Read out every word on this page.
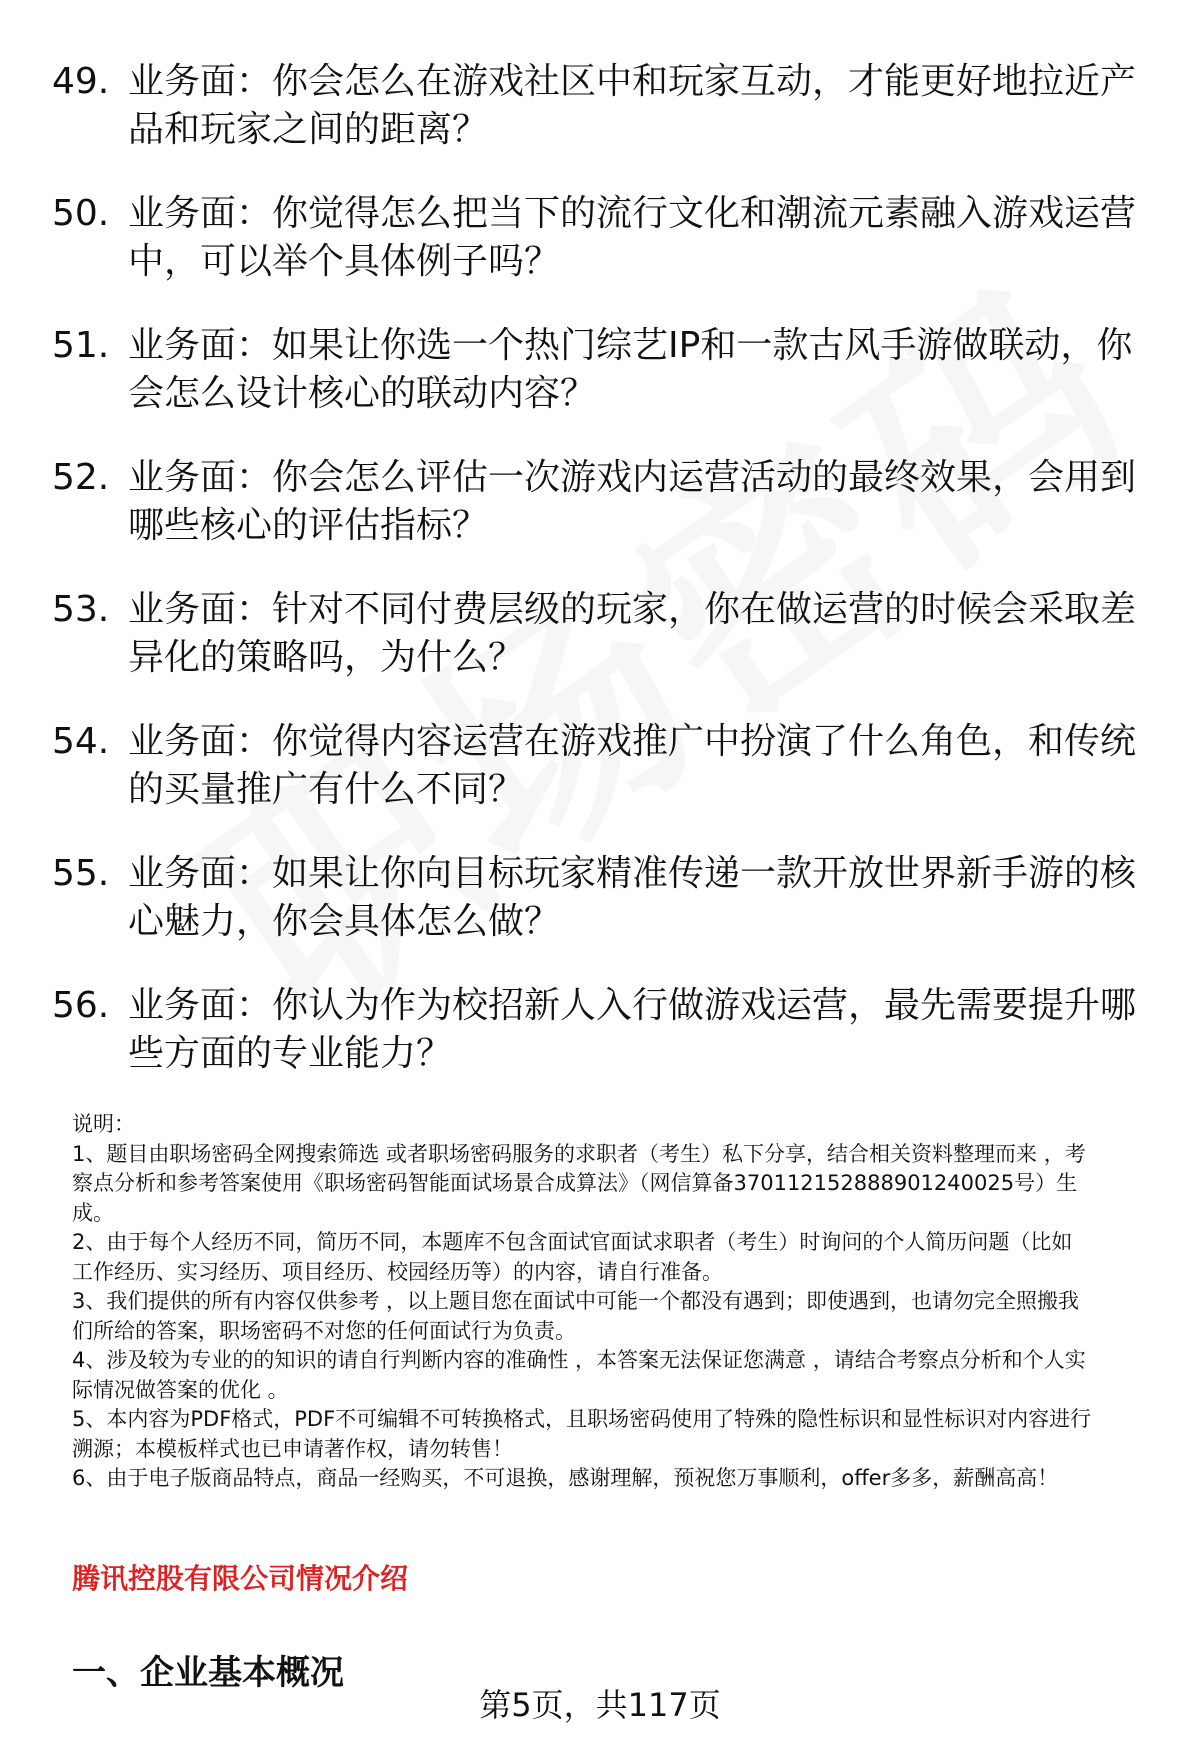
49. 业务面：你会怎么在游戏社区中和玩家互动，才能更好地拉近产品和玩家之间的距离？
50. 业务面：你觉得怎么把当下的流行文化和潮流元素融入游戏运营中，可以举个具体例子吗？
51. 业务面：如果让你选一个热门综艺IP和一款古风手游做联动，你会怎么设计核心的联动内容？
52. 业务面：你会怎么评估一次游戏内运营活动的最终效果，会用到哪些核心的评估指标？
53. 业务面：针对不同付费层级的玩家，你在做运营的时候会采取差异化的策略吗，为什么？
54. 业务面：你觉得内容运营在游戏推广中扮演了什么角色，和传统的买量推广有什么不同？
55. 业务面：如果让你向目标玩家精准传递一款开放世界新手游的核心魅力，你会具体怎么做？
56. 业务面：你认为作为校招新人入行做游戏运营，最先需要提升哪些方面的专业能力？
说明：
1、题目由职场密码全网搜索筛选 或者职场密码服务的求职者（考生）私下分享，结合相关资料整理而来 ，考
察点分析和参考答案使用《职场密码智能面试场景合成算法》（网信算备370112152888901240025号）生
成。
2、由于每个人经历不同，简历不同，本题库不包含面试官面试求职者（考生）时询问的个人简历问题（比如
工作经历、实习经历、项目经历、校园经历等）的内容，请自行准备。
3、我们提供的所有内容仅供参考 ，以上题目您在面试中可能一个都没有遇到；即使遇到，也请勿完全照搬我
们所给的答案，职场密码不对您的任何面试行为负责。
4、涉及较为专业的的知识的请自行判断内容的准确性 ，本答案无法保证您满意 ，请结合考察点分析和个人实
际情况做答案的优化 。
5、本内容为PDF格式，PDF不可编辑不可转换格式，且职场密码使用了特殊的隐性标识和显性标识对内容进行
溯源；本模板样式也已申请著作权，请勿转售！
6、由于电子版商品特点，商品一经购买，不可退换，感谢理解，预祝您万事顺利，offer多多，薪酬高高！
腾讯控股有限公司情况介绍
一、企业基本概况
第5页，共117页
